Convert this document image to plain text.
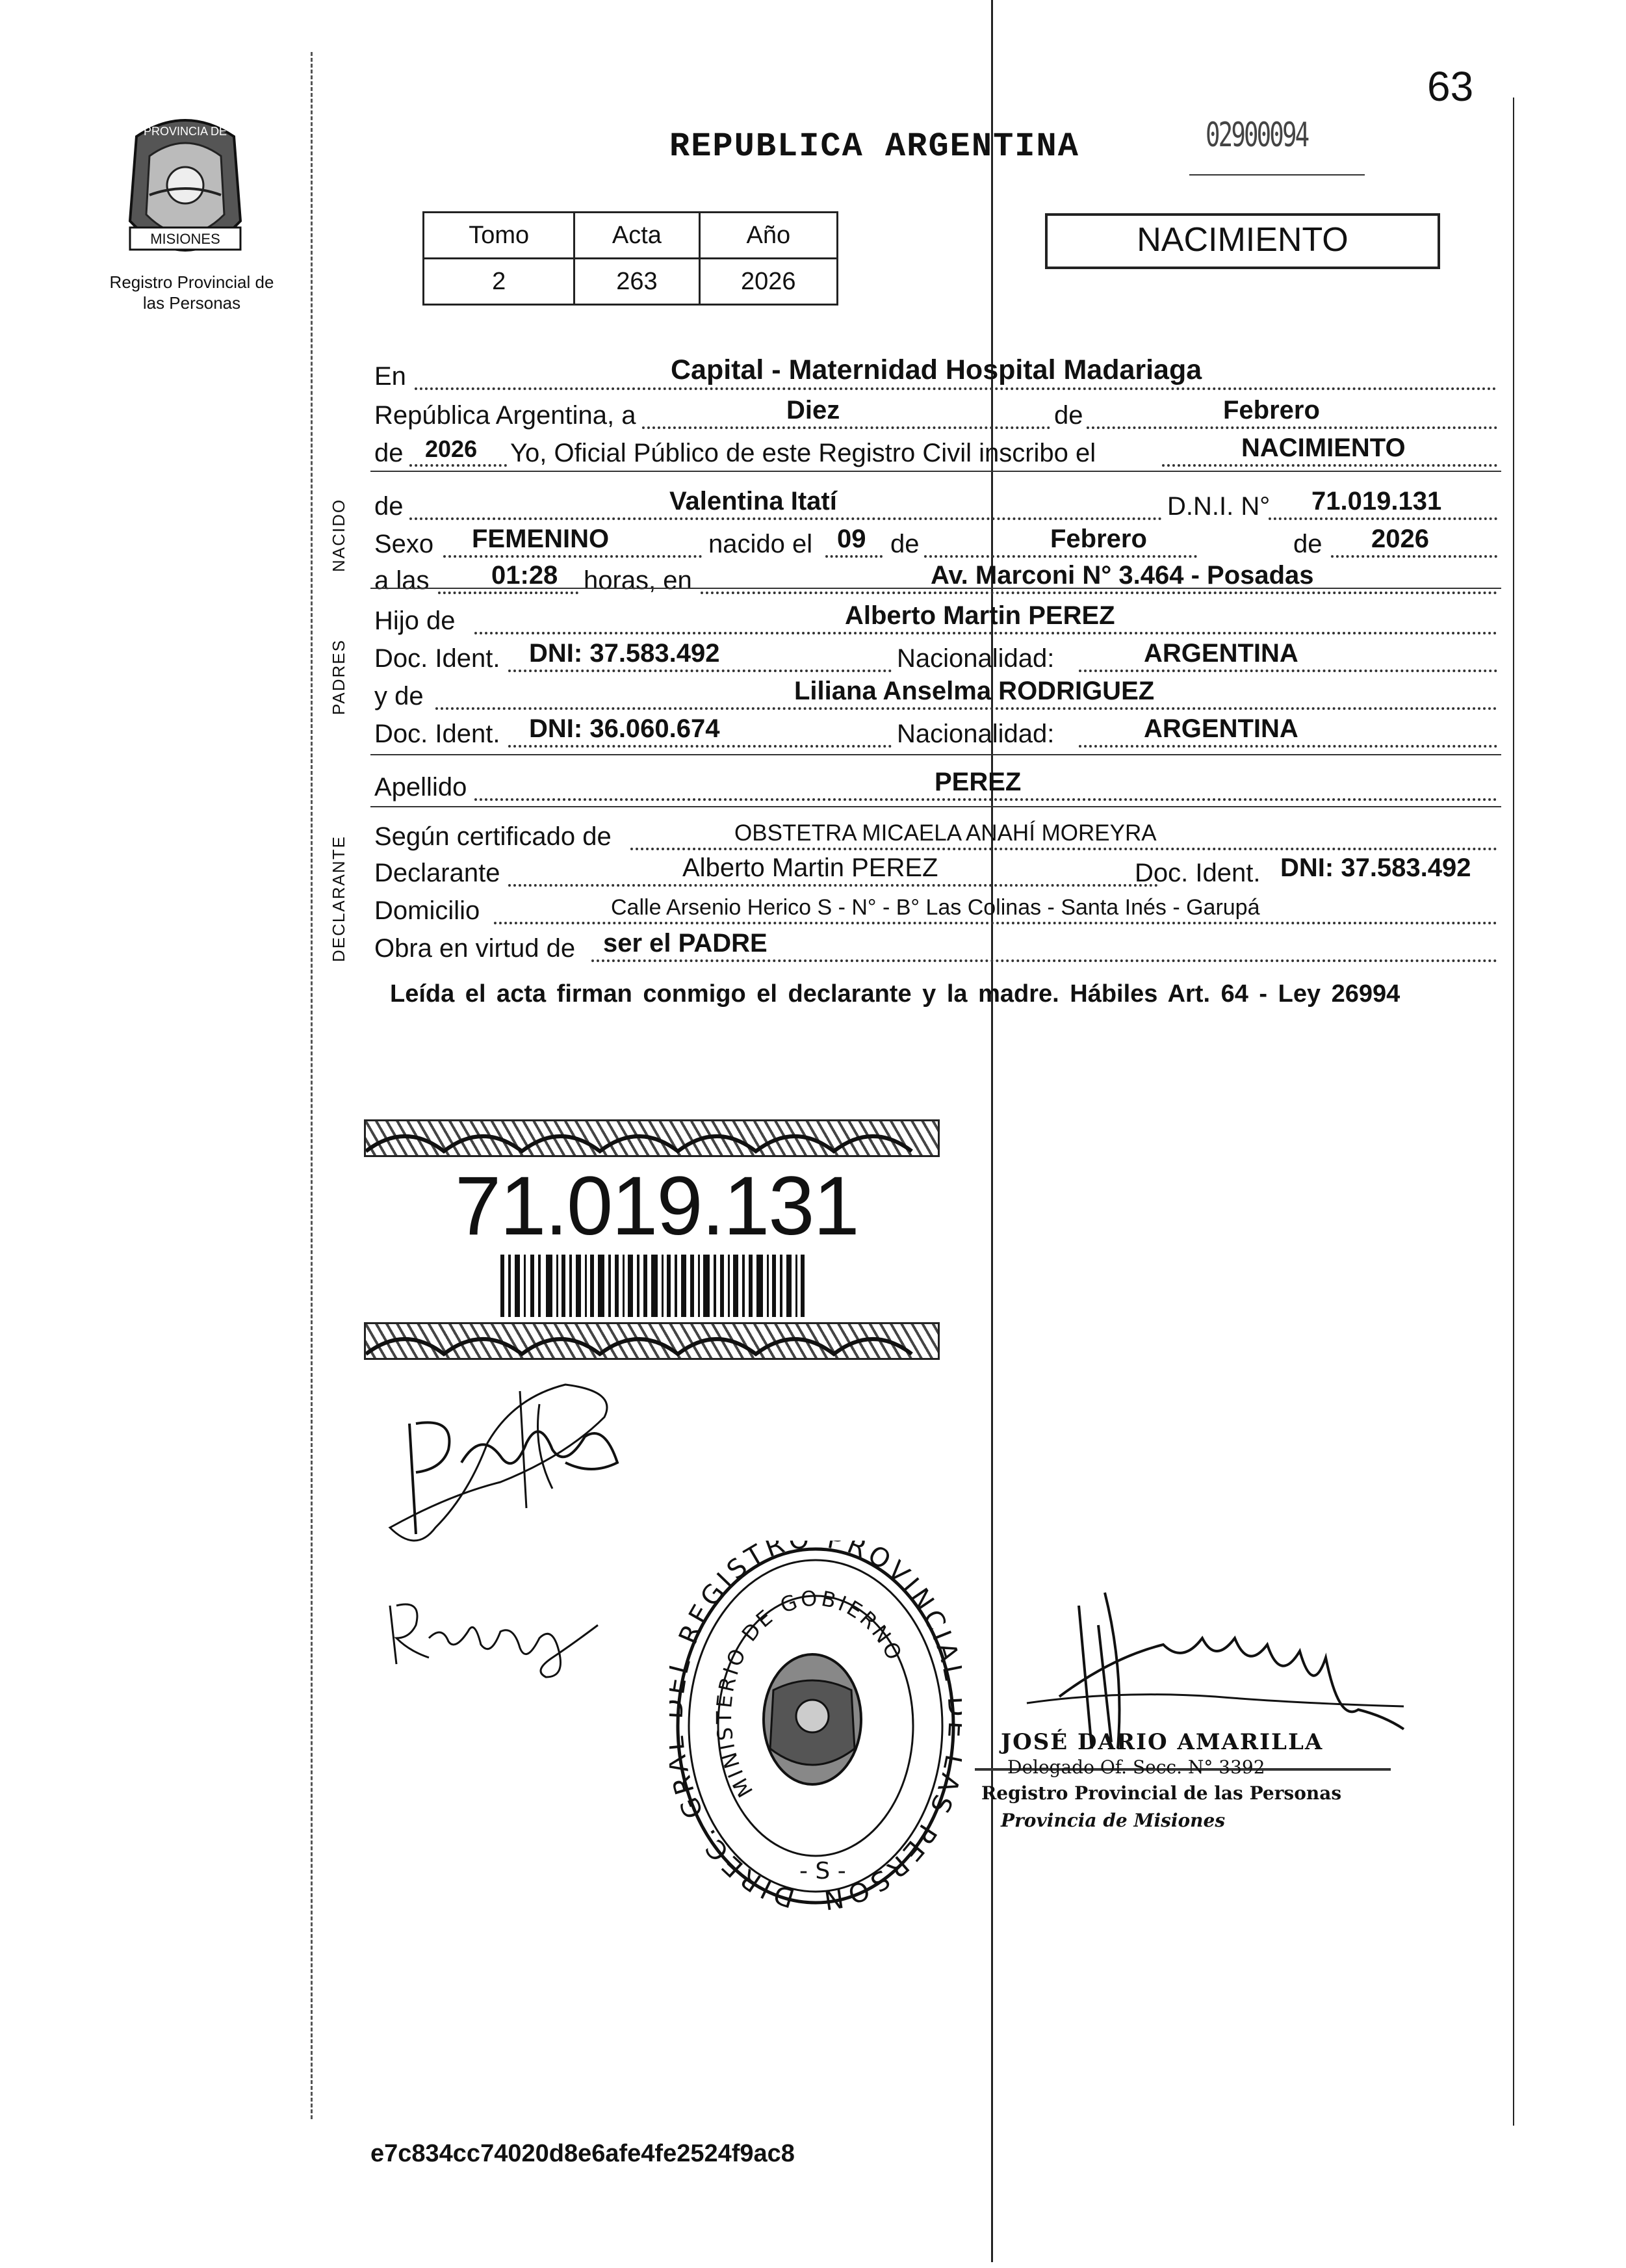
63
PROVINCIA DE
MISIONES
Registro Provincial de las Personas
REPUBLICA ARGENTINA	02900094
Tomo	Acta	Año
2	263	2026
NACIMIENTO
NACIDO
PADRES
DECLARANTE
En	Capital - Maternidad Hospital Madariaga
República Argentina, a	Diez	de	Febrero
de 2026 Yo, Oficial Público de este Registro Civil inscribo el	NACIMIENTO
de	Valentina Itatí	D.N.I. N° 71.019.131
Sexo FEMENINO	nacido el 09 de	Febrero	de 2026
a las 01:28 horas, en	Av. Marconi N° 3.464 - Posadas
Hijo de	Alberto Martin PEREZ
Doc. Ident. DNI: 37.583.492	Nacionalidad:	ARGENTINA
y de	Liliana Anselma RODRIGUEZ
Doc. Ident. DNI: 36.060.674	Nacionalidad:	ARGENTINA
Apellido	PEREZ
Según certificado de	OBSTETRA MICAELA ANAHÍ MOREYRA
Declarante	Alberto Martin PEREZ	Doc. Ident. DNI: 37.583.492
Domicilio	Calle Arsenio Herico S - N° - B° Las Colinas - Santa Inés - Garupá
Obra en virtud de ser el PADRE
Leída el acta firman conmigo el declarante y la madre. Hábiles Art. 64 - Ley 26994
71.019.131
DIREC. GR REGISTR PROVINCIA AS PERSON
MINISTERIO DE GOBIERNO
- S -
JOSÉ DARIO AMARILLA
Delegado Of. Secc. N° 3392
Registro Provincial de las Personas
Provincia de Misiones
e7c834cc74020d8e6afe4fe2524f9ac8
